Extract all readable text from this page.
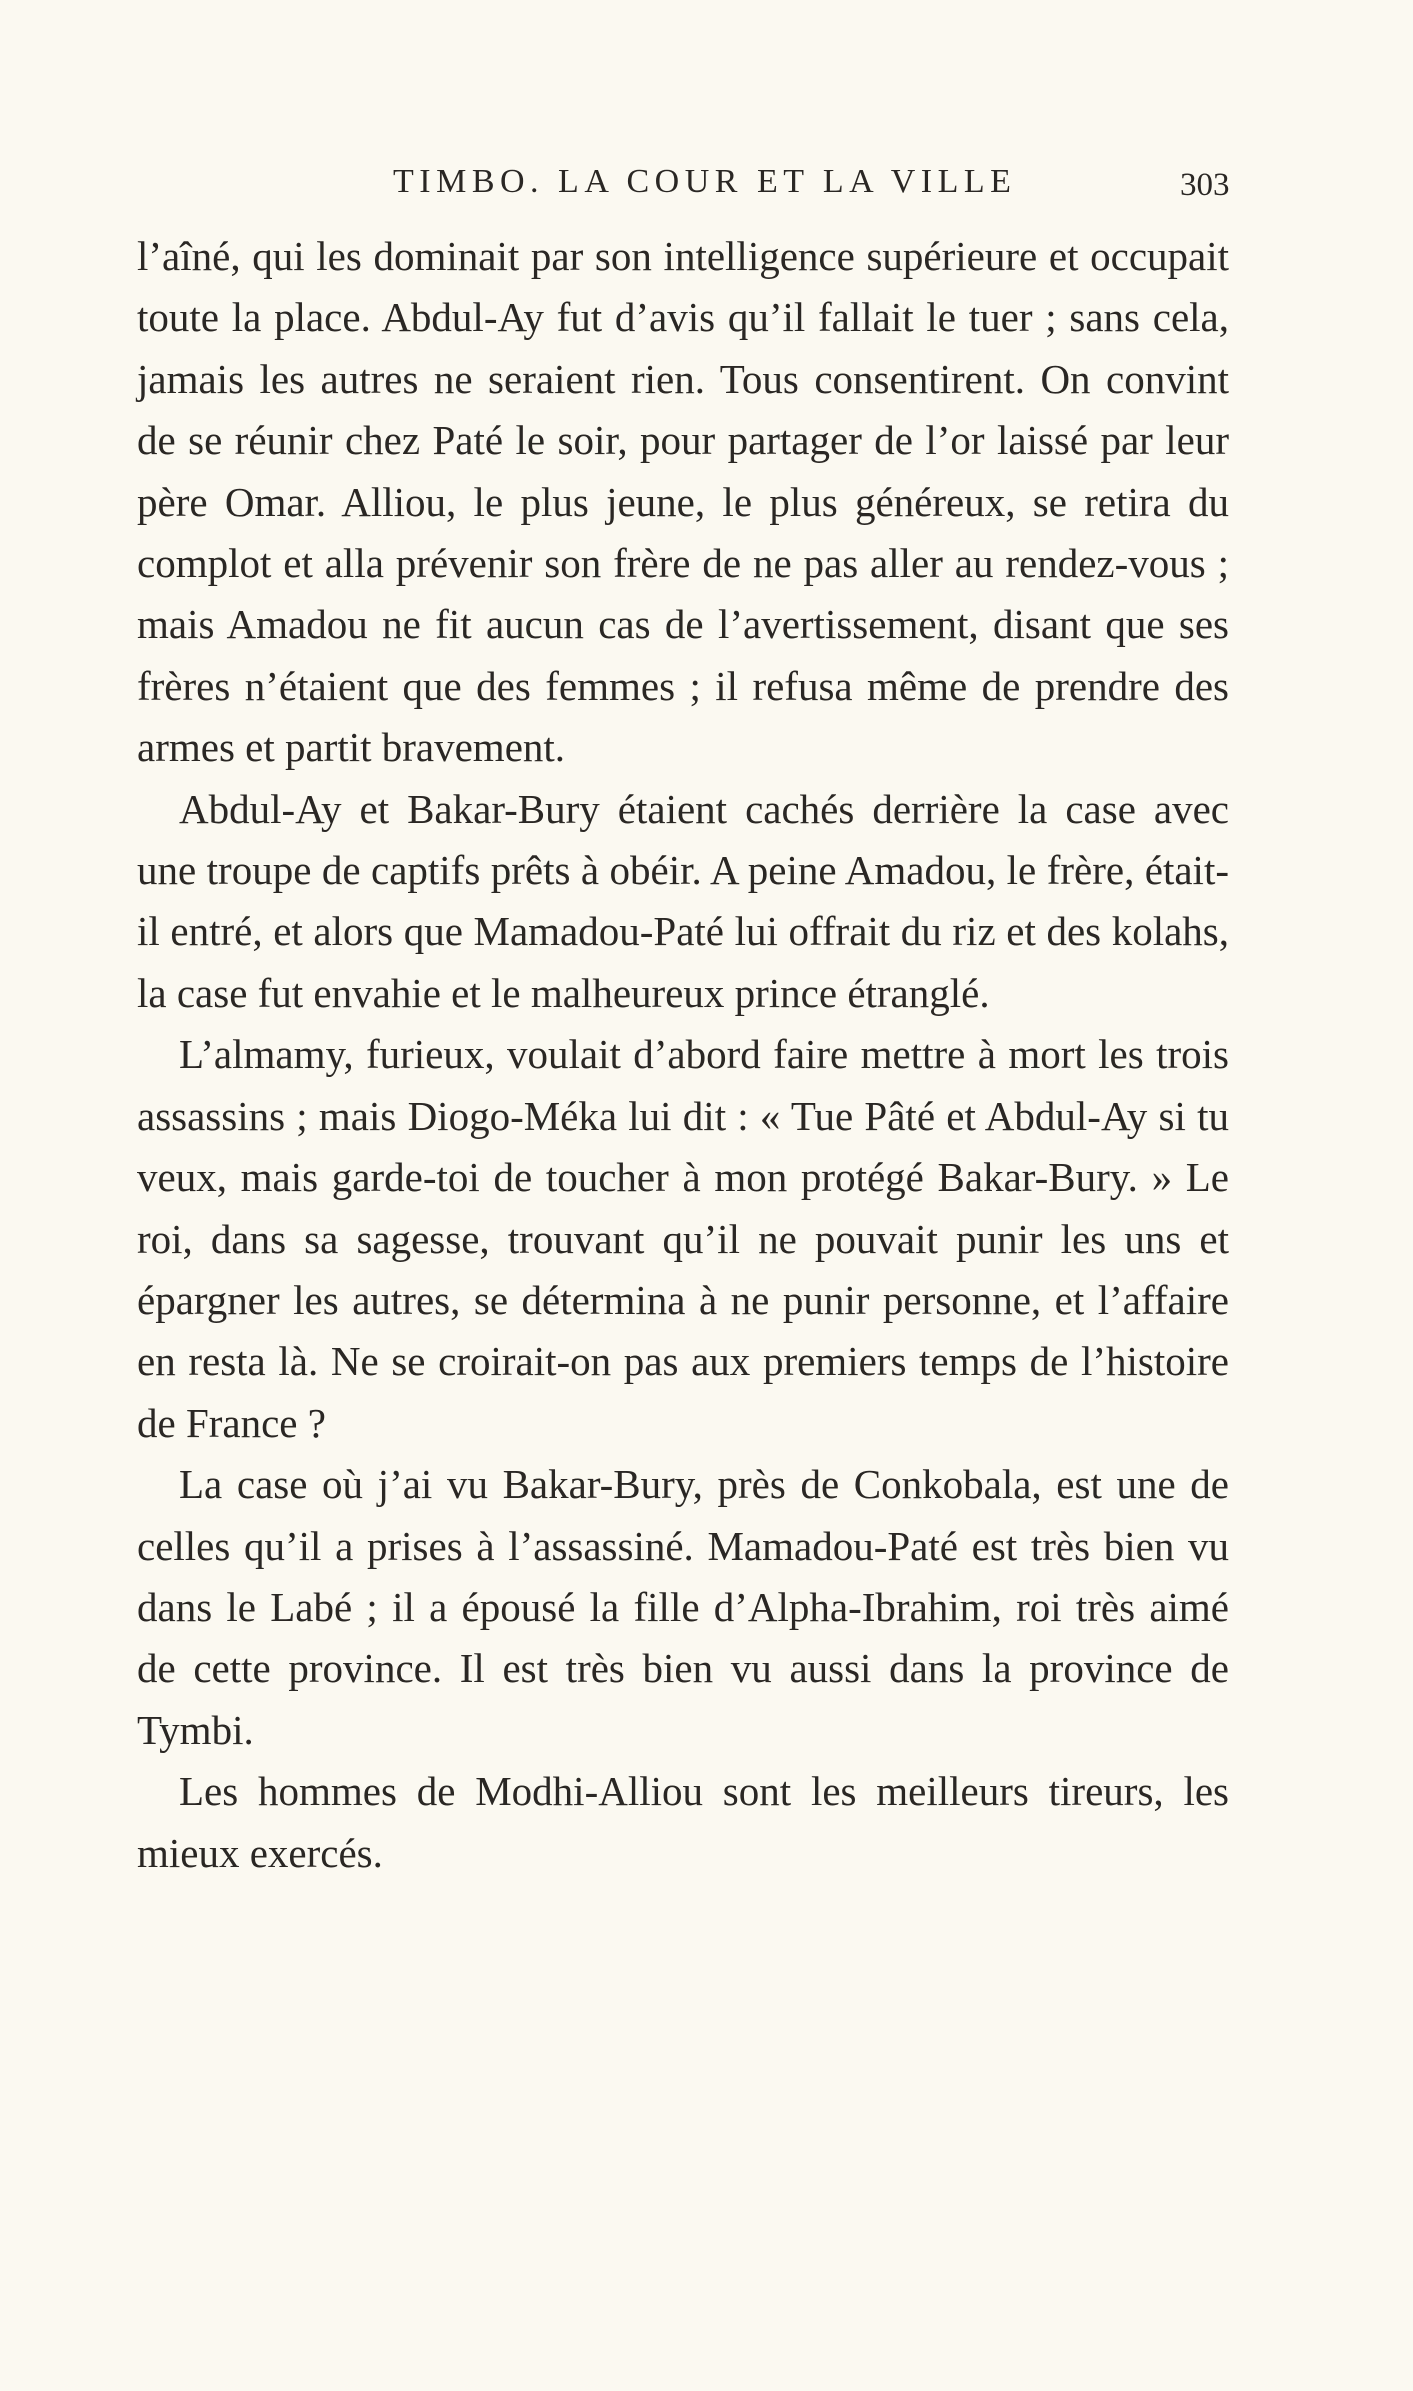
TIMBO. LA COUR ET LA VILLE	303

l’aîné, qui les dominait par son intelligence supérieure et occupait toute la place. Abdul-Ay fut d’avis qu’il fallait le tuer ; sans cela, jamais les autres ne seraient rien. Tous consentirent. On convint de se réunir chez Paté le soir, pour partager de l’or laissé par leur père Omar. Alliou, le plus jeune, le plus généreux, se retira du complot et alla prévenir son frère de ne pas aller au rendez-vous ; mais Amadou ne fit aucun cas de l’avertissement, disant que ses frères n’étaient que des femmes ; il refusa même de prendre des armes et partit bravement.

Abdul-Ay et Bakar-Bury étaient cachés derrière la case avec une troupe de captifs prêts à obéir. A peine Amadou, le frère, était-il entré, et alors que Mamadou-Paté lui offrait du riz et des kolahs, la case fut envahie et le malheureux prince étranglé.

L’almamy, furieux, voulait d’abord faire mettre à mort les trois assassins ; mais Diogo-Méka lui dit : « Tue Pâté et Abdul-Ay si tu veux, mais garde-toi de toucher à mon protégé Bakar-Bury. » Le roi, dans sa sagesse, trouvant qu’il ne pouvait punir les uns et épargner les autres, se détermina à ne punir personne, et l’affaire en resta là. Ne se croirait-on pas aux premiers temps de l’histoire de France ?

La case où j’ai vu Bakar-Bury, près de Conkobala, est une de celles qu’il a prises à l’assassiné. Mamadou-Paté est très bien vu dans le Labé ; il a épousé la fille d’Alpha-Ibrahim, roi très aimé de cette province. Il est très bien vu aussi dans la province de Tymbi.

Les hommes de Modhi-Alliou sont les meilleurs tireurs, les mieux exercés.
